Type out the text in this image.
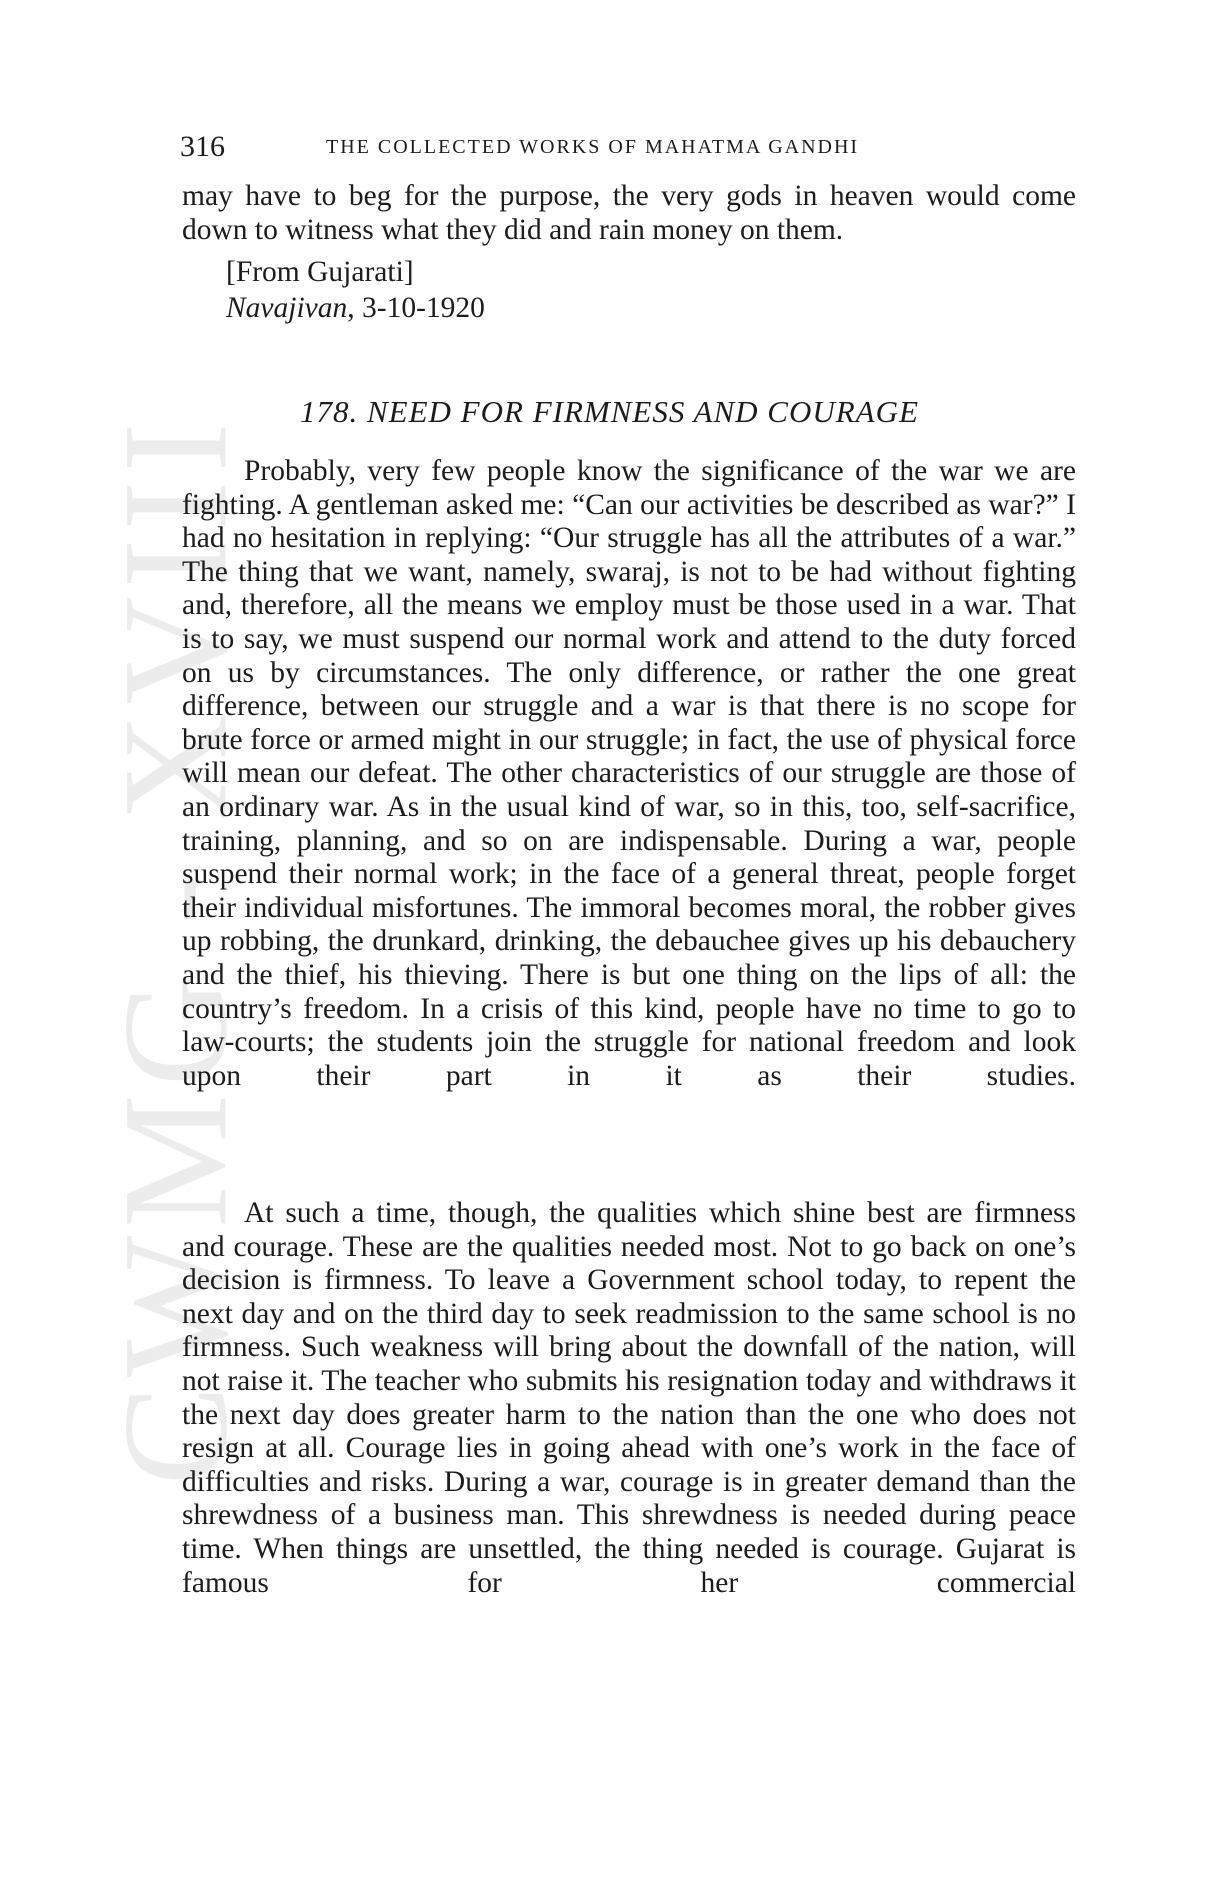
CWMG - XVIII
316	THE COLLECTED WORKS OF MAHATMA GANDHI
may have to beg for the purpose, the very gods in heaven would come down to witness what they did and rain money on them.
[From Gujarati]
Navajivan, 3-10-1920
178. NEED FOR FIRMNESS AND COURAGE
Probably, very few people know the significance of the war we are fighting. A gentleman asked me: “Can our activities be described as war?” I had no hesitation in replying: “Our struggle has all the attributes of a war.” The thing that we want, namely, swaraj, is not to be had without fighting and, therefore, all the means we employ must be those used in a war. That is to say, we must suspend our normal work and attend to the duty forced on us by circumstances. The only difference, or rather the one great difference, between our struggle and a war is that there is no scope for brute force or armed might in our struggle; in fact, the use of physical force will mean our defeat. The other characteristics of our struggle are those of an ordinary war. As in the usual kind of war, so in this, too, self-sacrifice, training, planning, and so on are indispensable. During a war, people suspend their normal work; in the face of a general threat, people forget their individual misfortunes. The immoral becomes moral, the robber gives up robbing, the drunkard, drinking, the debauchee gives up his debauchery and the thief, his thieving. There is but one thing on the lips of all: the country’s freedom. In a crisis of this kind, people have no time to go to law-courts; the students join the struggle for national freedom and look upon their part in it as their studies.
At such a time, though, the qualities which shine best are firmness and courage. These are the qualities needed most. Not to go back on one’s decision is firmness. To leave a Government school today, to repent the next day and on the third day to seek readmission to the same school is no firmness. Such weakness will bring about the downfall of the nation, will not raise it. The teacher who submits his resignation today and withdraws it the next day does greater harm to the nation than the one who does not resign at all. Courage lies in going ahead with one’s work in the face of difficulties and risks. During a war, courage is in greater demand than the shrewdness of a business man. This shrewdness is needed during peace time. When things are unsettled, the thing needed is courage. Gujarat is famous for her commercial
